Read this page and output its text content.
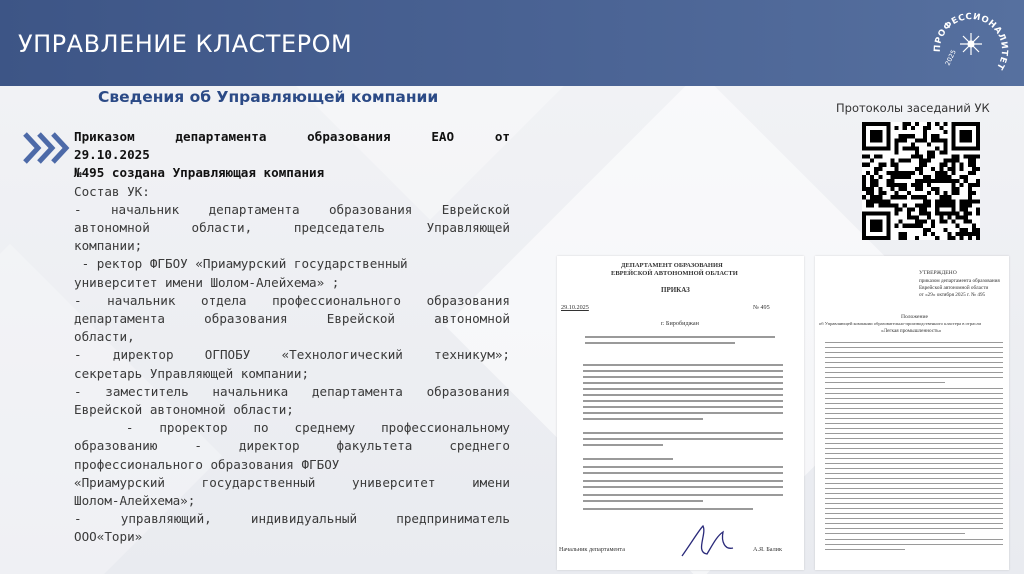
УПРАВЛЕНИЕ КЛАСТЕРОМ	ПРОФЕССИОНАЛИТЕТ
2025
Сведения об Управляющей компании
Приказом департамента образования ЕАО от
29.10.2025
№495 создана Управляющая компания
Состав УК:
- начальник департамента образования Еврейской
автономной области, председатель Управляющей
компании;
- ректор ФГБОУ «Приамурский государственный
университет имени Шолом-Алейхема» ;
- начальник отдела профессионального образования
департамента образования Еврейской автономной
области,
- директор ОГПОБУ «Технологический техникум»;
секретарь Управляющей компании;
- заместитель начальника департамента образования
Еврейской автономной области;
- проректор по среднему профессиональному
образованию - директор факультета среднего
профессионального образования ФГБОУ
«Приамурский государственный университет имени
Шолом-Алейхема»;
- управляющий, индивидуальный предприниматель
ООО«Тори»
Протоколы заседаний УК
ДЕПАРТАМЕНТ ОБРАЗОВАНИЯ
ЕВРЕЙСКОЙ АВТОНОМНОЙ ОБЛАСТИ
ПРИКАЗ
29.10.2025	№ 495
г. Биробиджан
Начальник департамента	А.Я. Балик
УТВЕРЖДЕНО
приказом департамента образования
Еврейской автономной области
от «29» октября 2025 г. № 495
Положение
об Управляющей компании образовательно-производственного кластера в отрасли
«Легкая промышленность»
